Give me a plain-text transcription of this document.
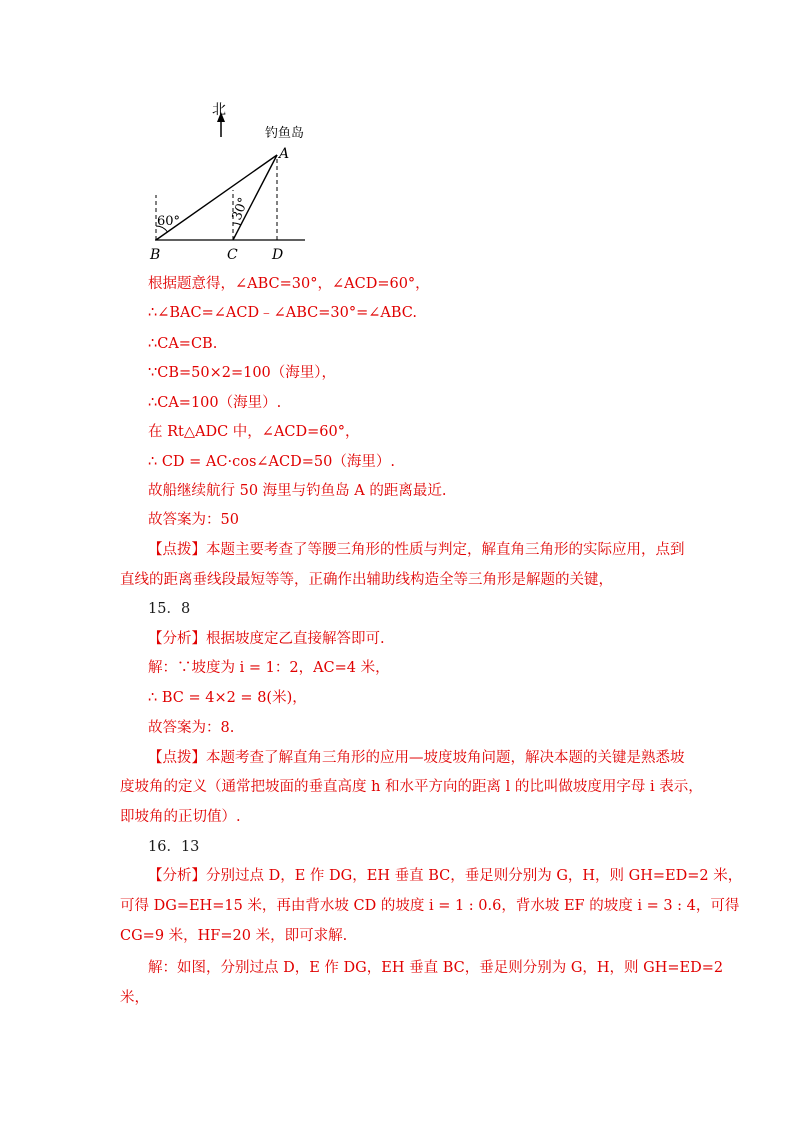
北
钓鱼岛
60°	30°
A
B	C D
根据题意得，∠ABC=30°，∠ACD=60°，
∴∠BAC=∠ACD﹣∠ABC=30°=∠ABC.
∴CA=CB.
∵CB=50×2=100（海里），
∴CA=100（海里）.
在 Rt△ADC 中，∠ACD=60°，
∴ CD = AC·cos∠ACD=50（海里）.
故船继续航行 50 海里与钓鱼岛 A 的距离最近.
故答案为：50
【点拨】本题主要考查了等腰三角形的性质与判定，解直角三角形的实际应用，点到
直线的距离垂线段最短等等，正确作出辅助线构造全等三角形是解题的关键，
15．8
【分析】根据坡度定乙直接解答即可.
解：∵坡度为 i = 1：2，AC=4 米，
∴ BC = 4×2 = 8(米)，
故答案为：8.
【点拨】本题考查了解直角三角形的应用—坡度坡角问题，解决本题的关键是熟悉坡
度坡角的定义（通常把坡面的垂直高度 h 和水平方向的距离 l 的比叫做坡度用字母 i 表示，
即坡角的正切值）.
16．13
【分析】分别过点 D，E 作 DG，EH 垂直 BC，垂足则分别为 G，H，则 GH=ED=2 米，
可得 DG=EH=15 米，再由背水坡 CD 的坡度 i = 1 : 0.6，背水坡 EF 的坡度 i = 3 : 4，可得
CG=9 米，HF=20 米，即可求解.
解：如图，分别过点 D，E 作 DG，EH 垂直 BC，垂足则分别为 G，H，则 GH=ED=2
米，
